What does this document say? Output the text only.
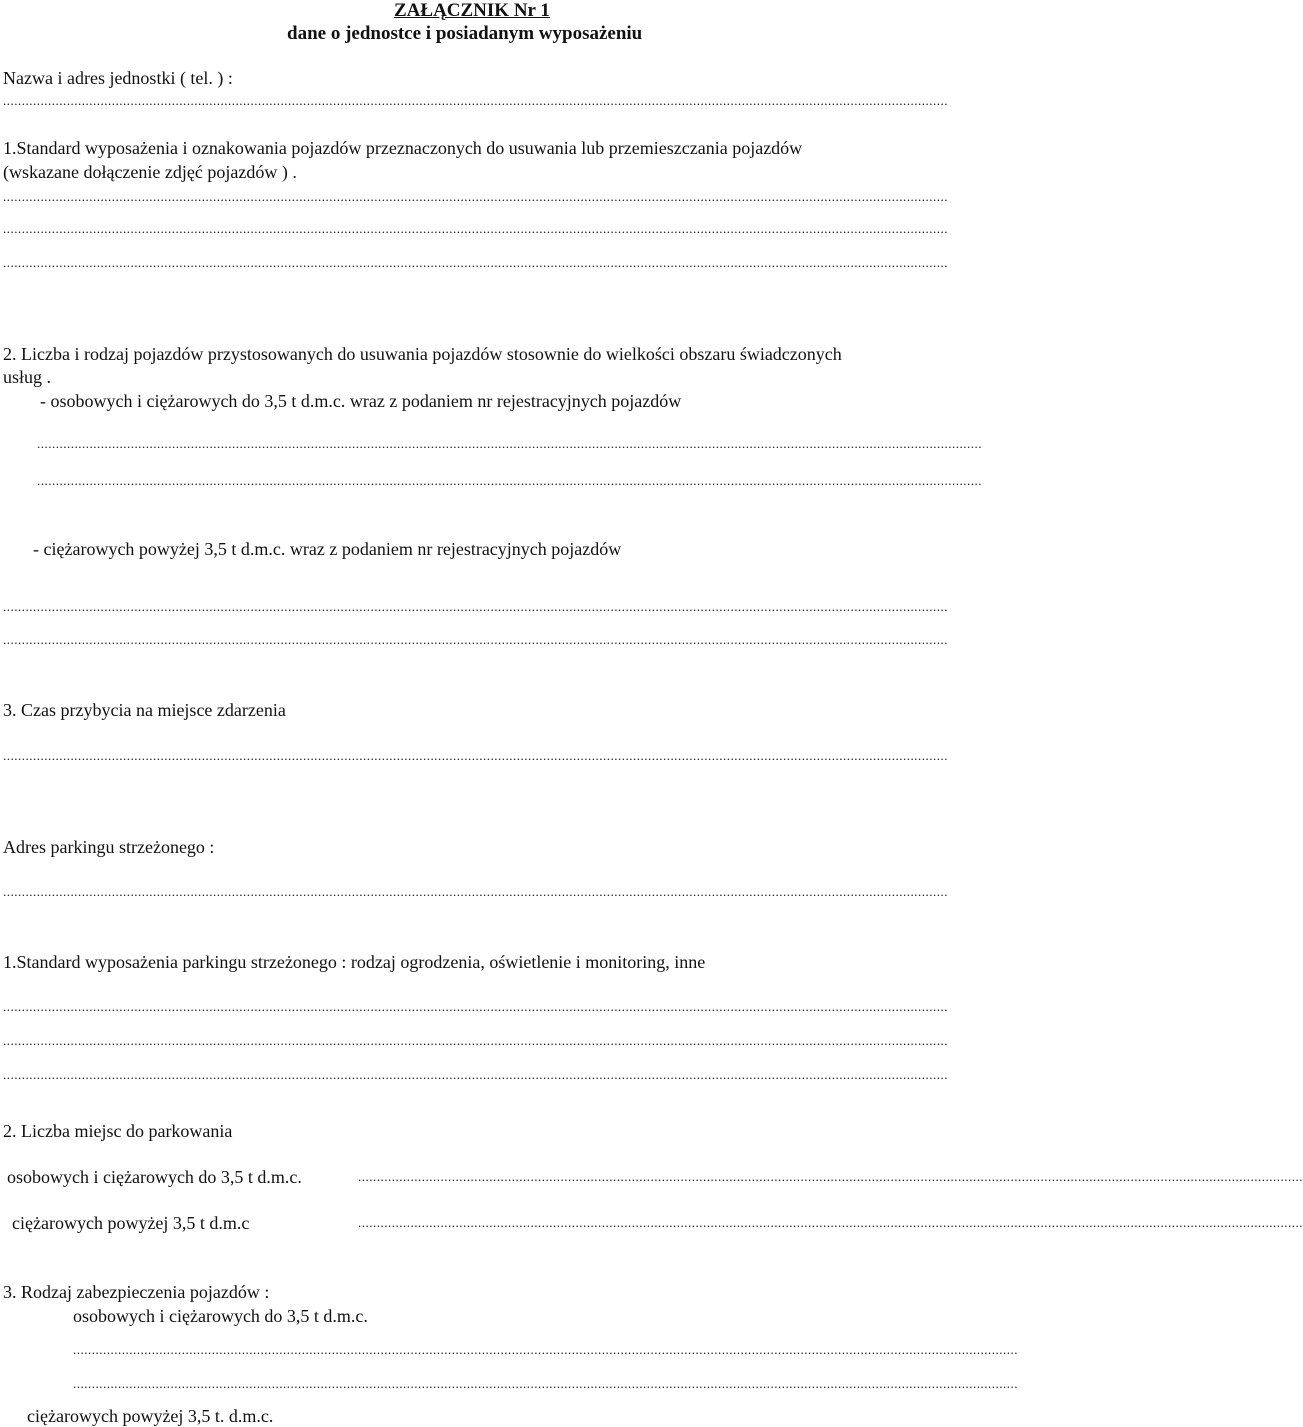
ZAŁĄCZNIK Nr 1
dane o jednostce i posiadanym wyposażeniu
Nazwa i adres jednostki ( tel. ) :
............................................................................................................................................................................................................................................................
1.Standard wyposażenia i oznakowania pojazdów przeznaczonych do usuwania lub przemieszczania pojazdów
(wskazane dołączenie zdjęć pojazdów ) .
............................................................................................................................................................................................................................................................
............................................................................................................................................................................................................................................................
............................................................................................................................................................................................................................................................
2. Liczba i rodzaj pojazdów przystosowanych do usuwania pojazdów stosownie do wielkości obszaru świadczonych
usług .
- osobowych i ciężarowych do 3,5 t d.m.c. wraz z podaniem nr rejestracyjnych pojazdów
............................................................................................................................................................................................................................................................
............................................................................................................................................................................................................................................................
- ciężarowych powyżej 3,5 t d.m.c. wraz z podaniem nr rejestracyjnych pojazdów
............................................................................................................................................................................................................................................................
............................................................................................................................................................................................................................................................
3. Czas przybycia na miejsce zdarzenia
............................................................................................................................................................................................................................................................
Adres parkingu strzeżonego :
............................................................................................................................................................................................................................................................
1.Standard wyposażenia parkingu strzeżonego : rodzaj ogrodzenia, oświetlenie i monitoring, inne
............................................................................................................................................................................................................................................................
............................................................................................................................................................................................................................................................
............................................................................................................................................................................................................................................................
2. Liczba miejsc do parkowania
osobowych i ciężarowych do 3,5 t d.m.c.	............................................................................................................................................................................................................................................................
ciężarowych powyżej 3,5 t d.m.c	............................................................................................................................................................................................................................................................
3. Rodzaj zabezpieczenia pojazdów :
osobowych i ciężarowych do 3,5 t d.m.c.
............................................................................................................................................................................................................................................................
............................................................................................................................................................................................................................................................
ciężarowych powyżej 3,5 t. d.m.c.
